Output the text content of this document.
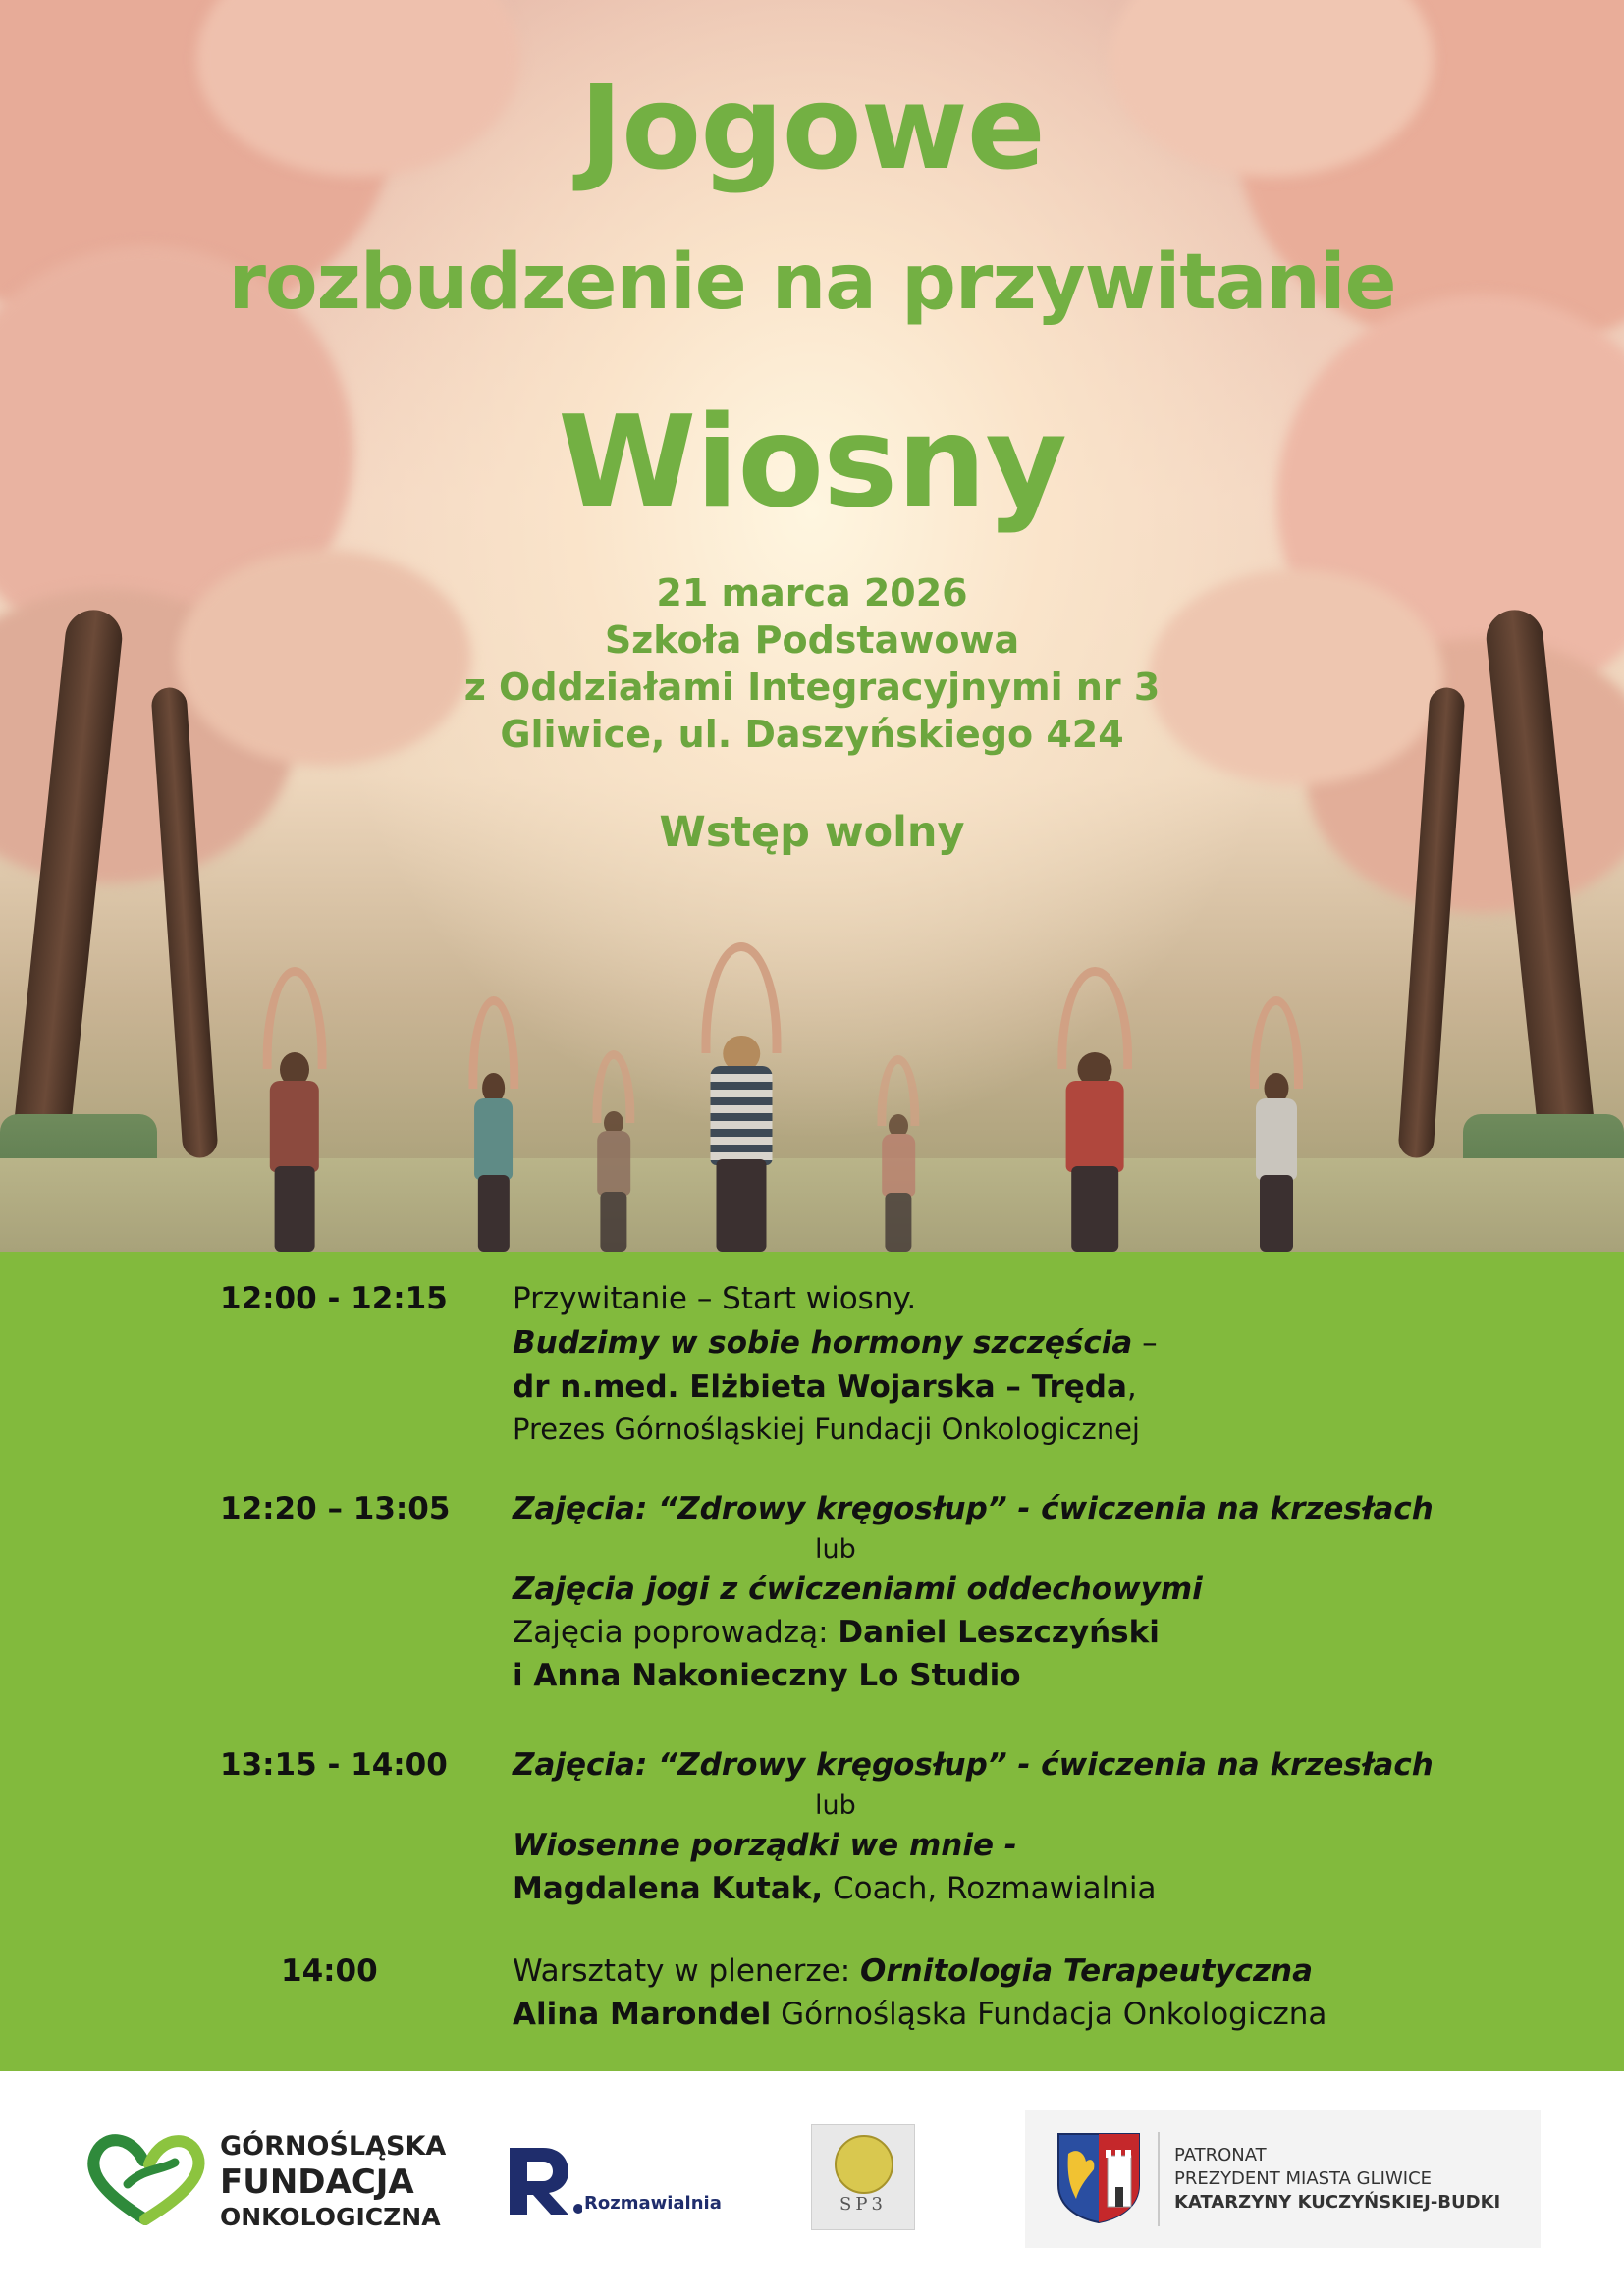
Jogowe
rozbudzenie na przywitanie
Wiosny
21 marca 2026
Szkoła Podstawowa
z Oddziałami Integracyjnymi nr 3
Gliwice, ul. Daszyńskiego 424
Wstęp wolny
12:00 - 12:15 Przywitanie – Start wiosny.
Budzimy w sobie hormony szczęścia –
dr n.med. Elżbieta Wojarska – Tręda,
Prezes Górnośląskiej Fundacji Onkologicznej
12:20 – 13:05 Zajęcia: “Zdrowy kręgosłup” - ćwiczenia na krzesłach
lub
Zajęcia jogi z ćwiczeniami oddechowymi
Zajęcia poprowadzą: Daniel Leszczyński
i Anna Nakonieczny Lo Studio
13:15 - 14:00 Zajęcia: “Zdrowy kręgosłup” - ćwiczenia na krzesłach
lub
Wiosenne porządki we mnie -
Magdalena Kutak, Coach, Rozmawialnia
14:00	Warsztaty w plenerze: Ornitologia Terapeutyczna
Alina Marondel Górnośląska Fundacja Onkologiczna
GÓRNOŚLĄSKA
FUNDACJA
ONKOLOGICZNA	Rozmawialnia	SP3
PATRONAT
PREZYDENT MIASTA GLIWICE
KATARZYNY KUCZYŃSKIEJ-BUDKI
